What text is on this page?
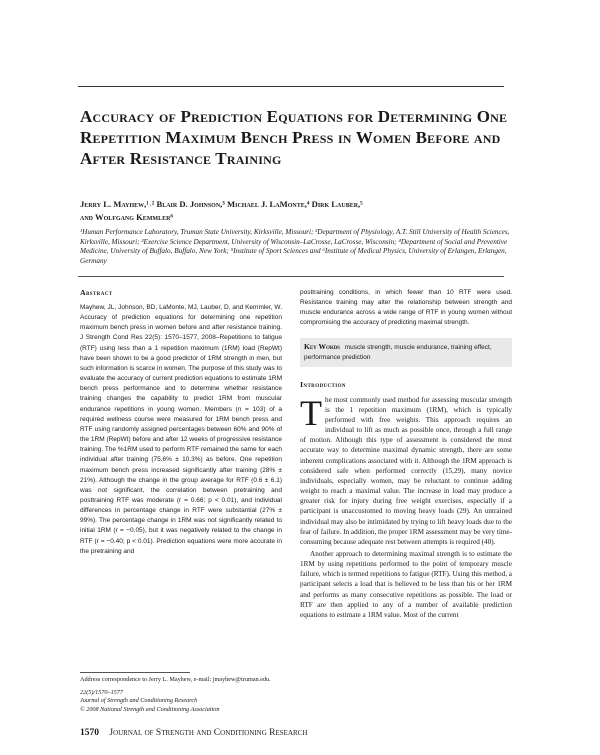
Accuracy of Prediction Equations for Determining One Repetition Maximum Bench Press in Women Before and After Resistance Training
Jerry L. Mayhew,¹˒² Blair D. Johnson,³ Michael J. LaMonte,⁴ Dirk Lauber,⁵
and Wolfgang Kemmler⁶
¹Human Performance Laboratory, Truman State University, Kirksville, Missouri; ²Department of Physiology, A.T. Still University of Health Sciences, Kirksville, Missouri; ³Exercise Science Department, University of Wisconsin–LaCrosse, LaCrosse, Wisconsin; ⁴Department of Social and Preventive Medicine, University of Buffalo, Buffalo, New York; ⁵Institute of Sport Sciences and ⁶Institute of Medical Physics, University of Erlangen, Erlangen, Germany
Abstract

Mayhew, JL, Johnson, BD, LaMonte, MJ, Lauber, D, and Kemmler, W. Accuracy of prediction equations for determining one repetition maximum bench press in women before and after resistance training. J Strength Cond Res 22(5): 1570–1577, 2008–Repetitions to fatigue (RTF) using less than a 1 repetition maximum (1RM) load (RepWt) have been shown to be a good predictor of 1RM strength in men, but such information is scarce in women. The purpose of this study was to evaluate the accuracy of current prediction equations to estimate 1RM bench press performance and to determine whether resistance training changes the capability to predict 1RM from muscular endurance repetitions in young women. Members (n = 103) of a required wellness course were measured for 1RM bench press and RTF using randomly assigned percentages between 60% and 90% of the 1RM (RepWt) before and after 12 weeks of progressive resistance training. The %1RM used to perform RTF remained the same for each individual after training (75.6% ± 10.3%) as before. One repetition maximum bench press increased significantly after training (28% ± 21%). Although the change in the group average for RTF (0.6 ± 6.1) was not significant, the correlation between pretraining and posttraining RTF was moderate (r = 0.66; p < 0.01), and individual differences in percentage change in RTF were substantial (27% ± 99%). The percentage change in 1RM was not significantly related to initial 1RM (r = −0.05), but it was negatively related to the change in RTF (r = −0.40; p < 0.01). Prediction equations were more accurate in the pretraining and

posttraining conditions, in which fewer than 10 RTF were used. Resistance training may alter the relationship between strength and muscle endurance across a wide range of RTF in young women without compromising the accuracy of predicting maximal strength.

Key Words muscle strength, muscle endurance, training effect, performance prediction
Introduction

The most commonly used method for assessing muscular strength is the 1 repetition maximum (1RM), which is typically performed with free weights. This approach requires an individual to lift as much as possible once, through a full range of motion. Although this type of assessment is considered the most accurate way to determine maximal dynamic strength, there are some inherent complications associated with it. Although the 1RM approach is considered safe when performed correctly (15,29), many novice individuals, especially women, may be reluctant to continue adding weight to reach a maximal value. The increase in load may produce a greater risk for injury during free weight exercises, especially if a participant is unaccustomed to moving heavy loads (29). An untrained individual may also be intimidated by trying to lift heavy loads due to the fear of failure. In addition, the proper 1RM assessment may be very time-consuming because adequate rest between attempts is required (40).

Another approach to determining maximal strength is to estimate the 1RM by using repetitions performed to the point of temporary muscle failure, which is termed repetitions to fatigue (RTF). Using this method, a participant selects a load that is believed to be less than his or her 1RM and performs as many consecutive repetitions as possible. The load or RTF are then applied to any of a number of available prediction equations to estimate a 1RM value. Most of the current

Address correspondence to Jerry L. Mayhew, e-mail: jmayhew@truman.edu.

22(5)/1570–1577

Journal of Strength and Conditioning Research

© 2008 National Strength and Conditioning Association

1570 Journal of Strength and Conditioning Research
